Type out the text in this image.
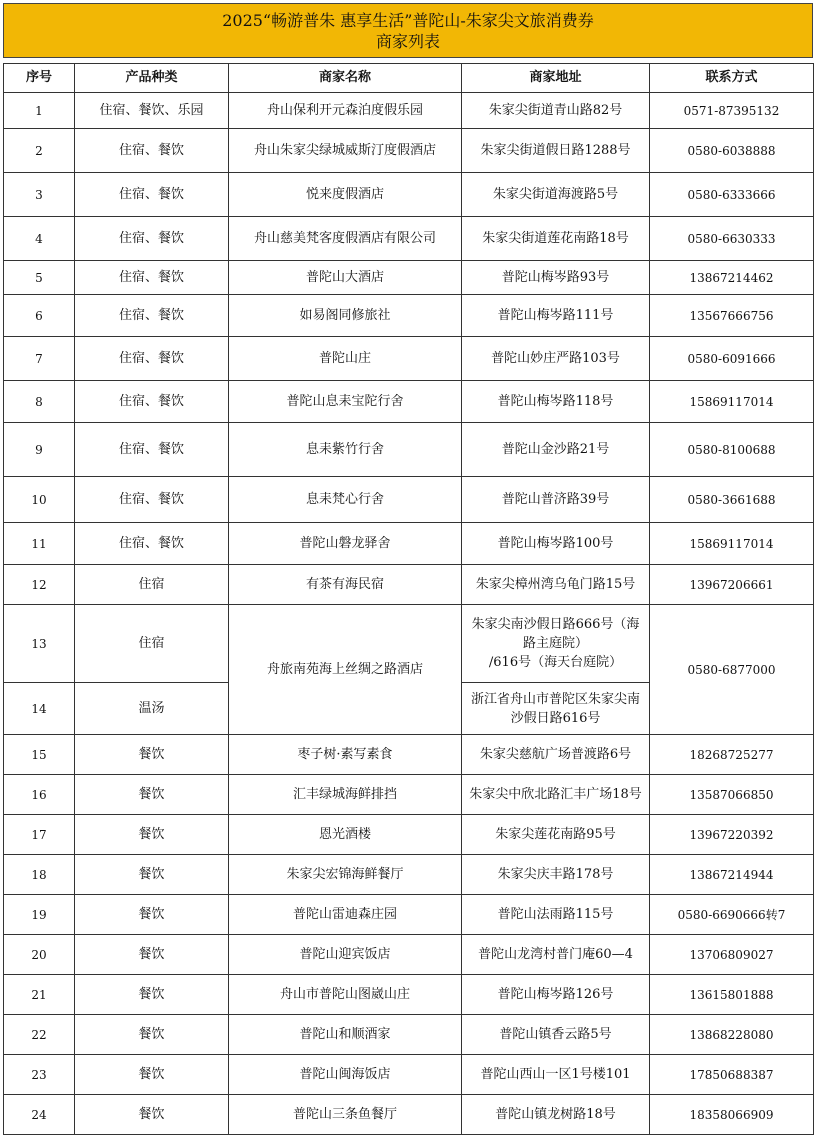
2025“畅游普朱 惠享生活”普陀山-朱家尖文旅消费券
商家列表
序号	产品种类	商家名称	商家地址	联系方式
1	住宿、餐饮、乐园	舟山保利开元森泊度假乐园	朱家尖街道青山路82号	0571-87395132
2	住宿、餐饮	舟山朱家尖绿城威斯汀度假酒店	朱家尖街道假日路1288号	0580-6038888
3	住宿、餐饮	悦来度假酒店	朱家尖街道海渡路5号	0580-6333666
4	住宿、餐饮	舟山慈美梵客度假酒店有限公司	朱家尖街道莲花南路18号	0580-6630333
5	住宿、餐饮	普陀山大酒店	普陀山梅岑路93号	13867214462
6	住宿、餐饮	如易阁同修旅社	普陀山梅岑路111号	13567666756
7	住宿、餐饮	普陀山庄	普陀山妙庄严路103号	0580-6091666
8	住宿、餐饮	普陀山息耒宝陀行舍	普陀山梅岑路118号	15869117014
9	住宿、餐饮	息耒紫竹行舍	普陀山金沙路21号	0580-8100688
10	住宿、餐饮	息耒梵心行舍	普陀山普济路39号	0580-3661688
11	住宿、餐饮	普陀山磐龙驿舍	普陀山梅岑路100号	15869117014
12	住宿	有茶有海民宿	朱家尖樟州湾乌龟门路15号	13967206661
13	住宿	舟旅南苑海上丝绸之路酒店	朱家尖南沙假日路666号（海
路主庭院）
/616号（海天台庭院）	0580-6877000
14	温汤		浙江省舟山市普陀区朱家尖南
沙假日路616号	

15	餐饮	枣子树·素写素食	朱家尖慈航广场普渡路6号	18268725277
16	餐饮	汇丰绿城海鲜排挡	朱家尖中欣北路汇丰广场18号	13587066850
17	餐饮	恩光酒楼	朱家尖莲花南路95号	13967220392
18	餐饮	朱家尖宏锦海鲜餐厅	朱家尖庆丰路178号	13867214944
19	餐饮	普陀山雷迪森庄园	普陀山法雨路115号	0580-6690666转7
20	餐饮	普陀山迎宾饭店	普陀山龙湾村普门庵60—4	13706809027
21	餐饮	舟山市普陀山图崴山庄	普陀山梅岑路126号	13615801888
22	餐饮	普陀山和顺酒家	普陀山镇香云路5号	13868228080
23	餐饮	普陀山闽海饭店	普陀山西山一区1号楼101	17850688387
24	餐饮	普陀山三条鱼餐厅	普陀山镇龙树路18号	18358066909
